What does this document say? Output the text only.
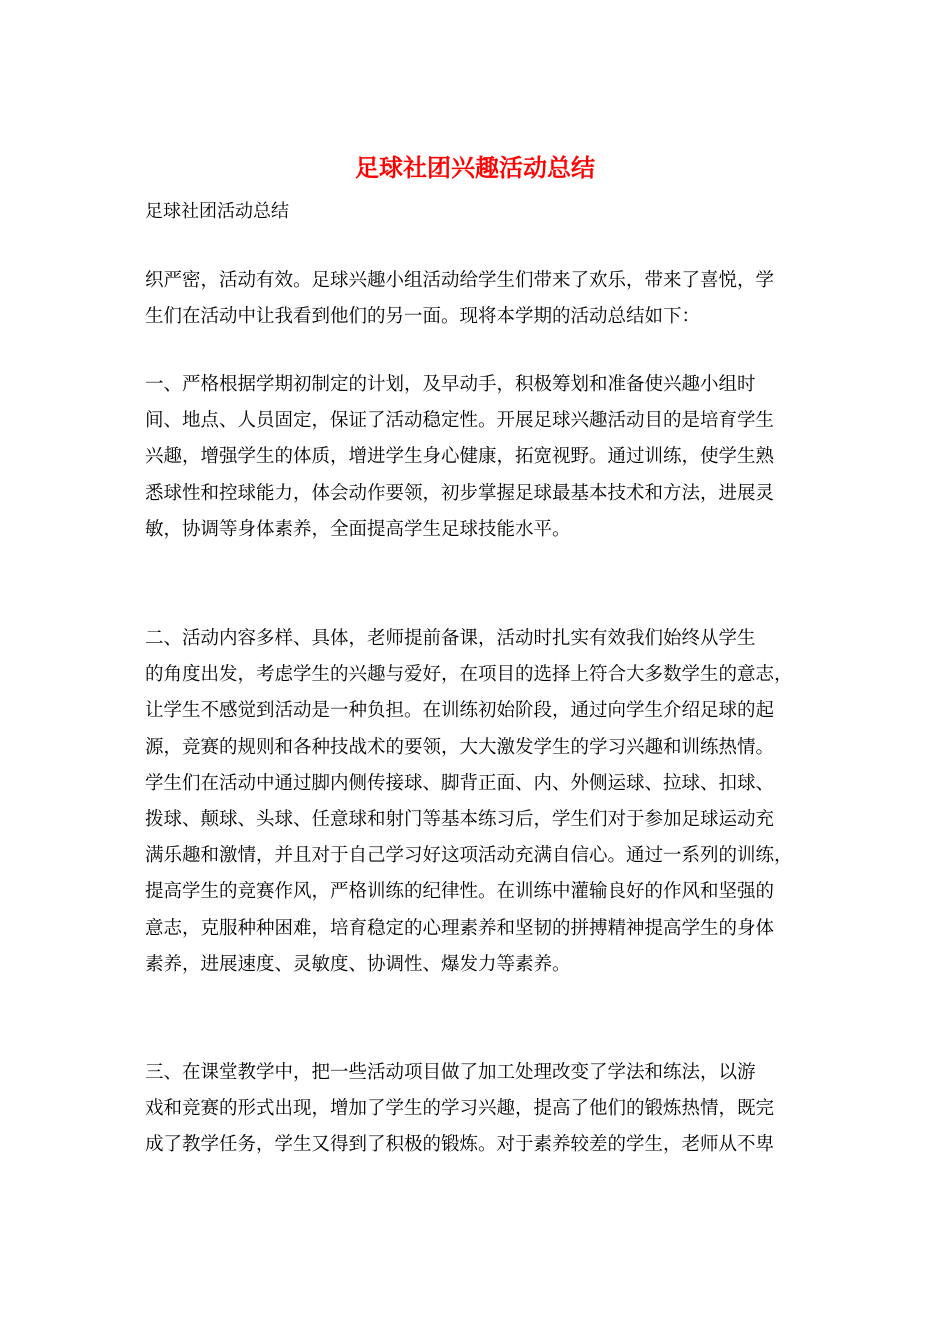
足球社团兴趣活动总结
足球社团活动总结

织严密，活动有效。足球兴趣小组活动给学生们带来了欢乐，带来了喜悦，学
生们在活动中让我看到他们的另一面。现将本学期的活动总结如下：

一、严格根据学期初制定的计划，及早动手，积极筹划和准备使兴趣小组时
间、地点、人员固定，保证了活动稳定性。开展足球兴趣活动目的是培育学生
兴趣，增强学生的体质，增进学生身心健康，拓宽视野。通过训练，使学生熟
悉球性和控球能力，体会动作要领，初步掌握足球最基本技术和方法，进展灵
敏，协调等身体素养，全面提高学生足球技能水平。

二、活动内容多样、具体，老师提前备课，活动时扎实有效我们始终从学生
的角度出发，考虑学生的兴趣与爱好，在项目的选择上符合大多数学生的意志，
让学生不感觉到活动是一种负担。在训练初始阶段，通过向学生介绍足球的起
源，竞赛的规则和各种技战术的要领，大大激发学生的学习兴趣和训练热情。
学生们在活动中通过脚内侧传接球、脚背正面、内、外侧运球、拉球、扣球、
拨球、颠球、头球、任意球和射门等基本练习后，学生们对于参加足球运动充
满乐趣和激情，并且对于自己学习好这项活动充满自信心。通过一系列的训练，
提高学生的竞赛作风，严格训练的纪律性。在训练中灌输良好的作风和坚强的
意志，克服种种困难，培育稳定的心理素养和坚韧的拼搏精神提高学生的身体
素养，进展速度、灵敏度、协调性、爆发力等素养。

三、在课堂教学中，把一些活动项目做了加工处理改变了学法和练法，以游
戏和竞赛的形式出现，增加了学生的学习兴趣，提高了他们的锻炼热情，既完
成了教学任务，学生又得到了积极的锻炼。对于素养较差的学生，老师从不卑
